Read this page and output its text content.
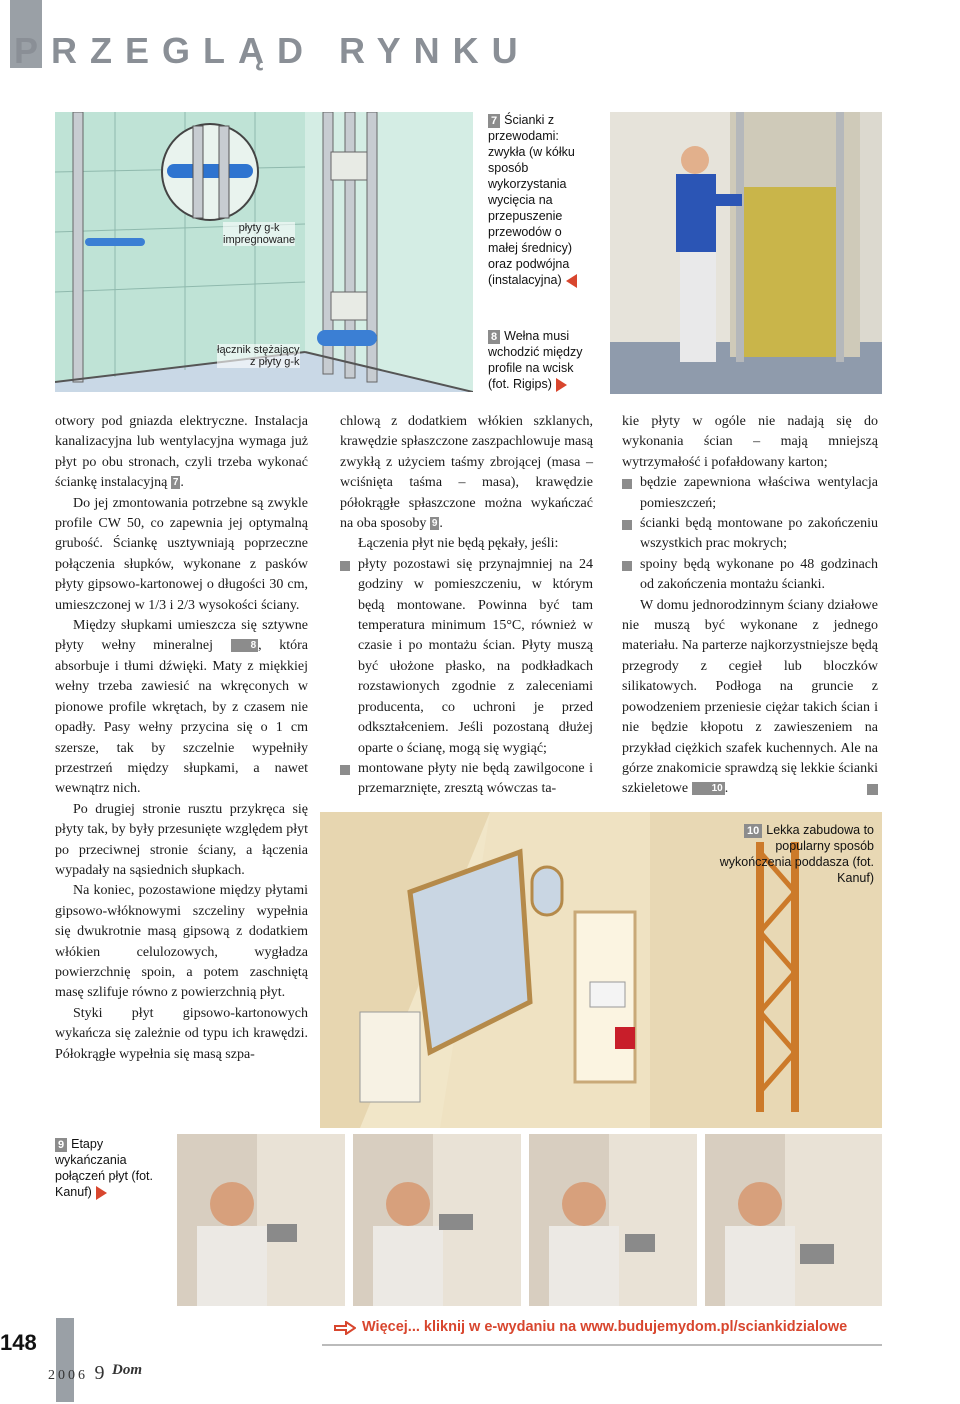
PRZEGLĄD RYNKU
płyty g-k
impregnowane
łącznik stężający
z płyty g-k
7 Ścianki z przewodami: zwykła (w kółku sposób wykorzystania wycięcia na przepuszenie przewodów o małej średnicy) oraz podwójna (instalacyjna)
8 Wełna musi wchodzić między profile na wcisk (fot. Rigips)

otwory pod gniazda elektryczne. Instalacja kanalizacyjna lub wentylacyjna wymaga już płyt po obu stronach, czyli trzeba wykonać ściankę instalacyjną 7 .

Do jej zmontowania potrzebne są zwykle profile CW 50, co zapewnia jej optymalną grubość. Ściankę usztywniają poprzeczne połączenia słupków, wykonane z pasków płyty gipsowo-kartonowej o długości 30 cm, umieszczonej w 1/3 i 2/3 wysokości ściany.

Między słupkami umieszcza się sztywne płyty wełny mineralnej 8 , która absorbuje i tłumi dźwięki. Maty z miękkiej wełny trzeba zawiesić na wkręconych w pionowe profile wkrętach, by z czasem nie opadły. Pasy wełny przycina się o 1 cm szersze, tak by szczelnie wypełniły przestrzeń między słupkami, a nawet wewnątrz nich.

Po drugiej stronie rusztu przykręca się płyty tak, by były przesunięte względem płyt po przeciwnej stronie ściany, a łączenia wypadały na sąsiednich słupkach.

Na koniec, pozostawione między płytami gipsowo-włóknowymi szczeliny wypełnia się dwukrotnie masą gipsową z dodatkiem włókien celulozowych, wygładza powierzchnię spoin, a potem zaschniętą masę szlifuje równo z powierzchnią płyt.

Styki płyt gipsowo-kartonowych wykańcza się zależnie od typu ich krawędzi. Półokrągłe wypełnia się masą szpa-

chlową z dodatkiem włókien szklanych, krawędzie spłaszczone zaszpachlowuje masą zwykłą z użyciem taśmy zbrojącej (masa – wciśnięta taśma – masa), krawędzie półokrągłe spłaszczone można wykańczać na oba sposoby 9 .

Łączenia płyt nie będą pękały, jeśli:

płyty pozostawi się przynajmniej na 24 godziny w pomieszczeniu, w którym będą montowane. Powinna być tam temperatura minimum 15°C, również w czasie i po montażu ścian. Płyty muszą być ułożone płasko, na podkładkach rozstawionych zgodnie z zaleceniami producenta, co uchroni je przed odkształceniem. Jeśli pozostaną dłużej oparte o ścianę, mogą się wygiąć;

montowane płyty nie będą zawilgocone i przemarznięte, zresztą wówczas ta-

kie płyty w ogóle nie nadają się do wykonania ścian – mają mniejszą wytrzymałość i pofałdowany karton;

będzie zapewniona właściwa wentylacja pomieszczeń;

ścianki będą montowane po zakończeniu wszystkich prac mokrych;

spoiny będą wykonane po 48 godzinach od zakończenia montażu ścianki.

W domu jednorodzinnym ściany działowe nie muszą być wykonane z jednego materiału. Na parterze najkorzystniejsze będą przegrody z cegieł lub bloczków silikatowych. Podłoga na gruncie z powodzeniem przeniesie ciężar takich ścian i nie będzie kłopotu z zawieszeniem na przykład ciężkich szafek kuchennych. Ale na górze znakomicie sprawdzą się lekkie ścianki szkieletowe 10 .

10 Lekka zabudowa to popularny sposób wykończenia poddasza (fot. Kanuf)
9 Etapy wykańczania połączeń płyt (fot. Kanuf)
Więcej... kliknij w e-wydaniu na www.budujemydom.pl/sciankidzialowe
148
2006 9 Dom
